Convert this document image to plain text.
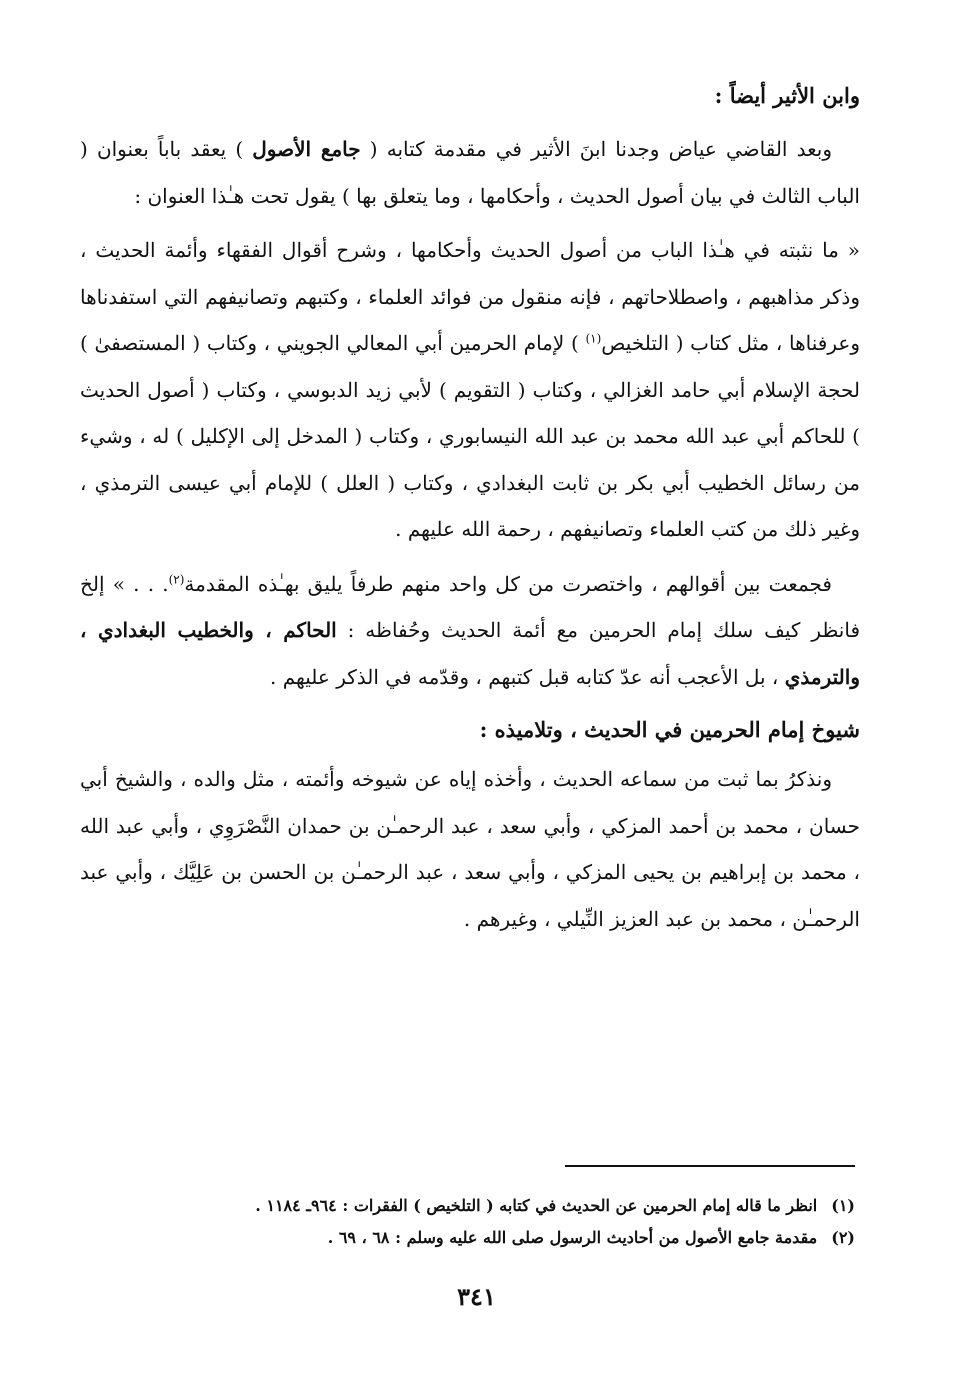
وابن الأثير أيضاً :

وبعد القاضي عياض وجدنا ابنَ الأثير في مقدمة كتابه ( جامع الأصول ) يعقد باباً بعنوان ( الباب الثالث في بيان أصول الحديث ، وأحكامها ، وما يتعلق بها ) يقول تحت هـٰذا العنوان :

« ما نثبته في هـٰذا الباب من أصول الحديث وأحكامها ، وشرح أقوال الفقهاء وأئمة الحديث ، وذكر مذاهبهم ، واصطلاحاتهم ، فإنه منقول من فوائد العلماء ، وكتبهم وتصانيفهم التي استفدناها وعرفناها ، مثل كتاب ( التلخيص$^{(١)}$ ) لإمام الحرمين أبي المعالي الجويني ، وكتاب ( المستصفىٰ ) لحجة الإسلام أبي حامد الغزالي ، وكتاب ( التقويم ) لأبي زيد الدبوسي ، وكتاب ( أصول الحديث ) للحاكم أبي عبد الله محمد بن عبد الله النيسابوري ، وكتاب ( المدخل إلى الإكليل ) له ، وشيء من رسائل الخطيب أبي بكر بن ثابت البغدادي ، وكتاب ( العلل ) للإمام أبي عيسى الترمذي ، وغير ذلك من كتب العلماء وتصانيفهم ، رحمة الله عليهم .

فجمعت بين أقوالهم ، واختصرت من كل واحد منهم طرفاً يليق بهـٰذه المقدمة$^{(٢)}$. . . » إلخ فانظر كيف سلك إمام الحرمين مع أئمة الحديث وحُفاظه : الحاكم ، والخطيب البغدادي ، والترمذي ، بل الأعجب أنه عدّ كتابه قبل كتبهم ، وقدّمه في الذكر عليهم .

شيوخ إمام الحرمين في الحديث ، وتلاميذه :

ونذكرُ بما ثبت من سماعه الحديث ، وأخذه إياه عن شيوخه وأئمته ، مثل والده ، والشيخ أبي حسان ، محمد بن أحمد المزكي ، وأبي سعد ، عبد الرحمـٰن بن حمدان النَّصْرَوِي ، وأبي عبد الله ، محمد بن إبراهيم بن يحيى المزكي ، وأبي سعد ، عبد الرحمـٰن بن الحسن بن عَلِيَّك ، وأبي عبد الرحمـٰن ، محمد بن عبد العزيز النِّيلي ، وغيرهم .

(١)
انظر ما قاله إمام الحرمين عن الحديث في كتابه ( التلخيص ) الفقرات : ٩٦٤ـ ١١٨٤ .
(٢)
مقدمة جامع الأصول من أحاديث الرسول صلى الله عليه وسلم : ٦٨ ، ٦٩ .
٣٤١
